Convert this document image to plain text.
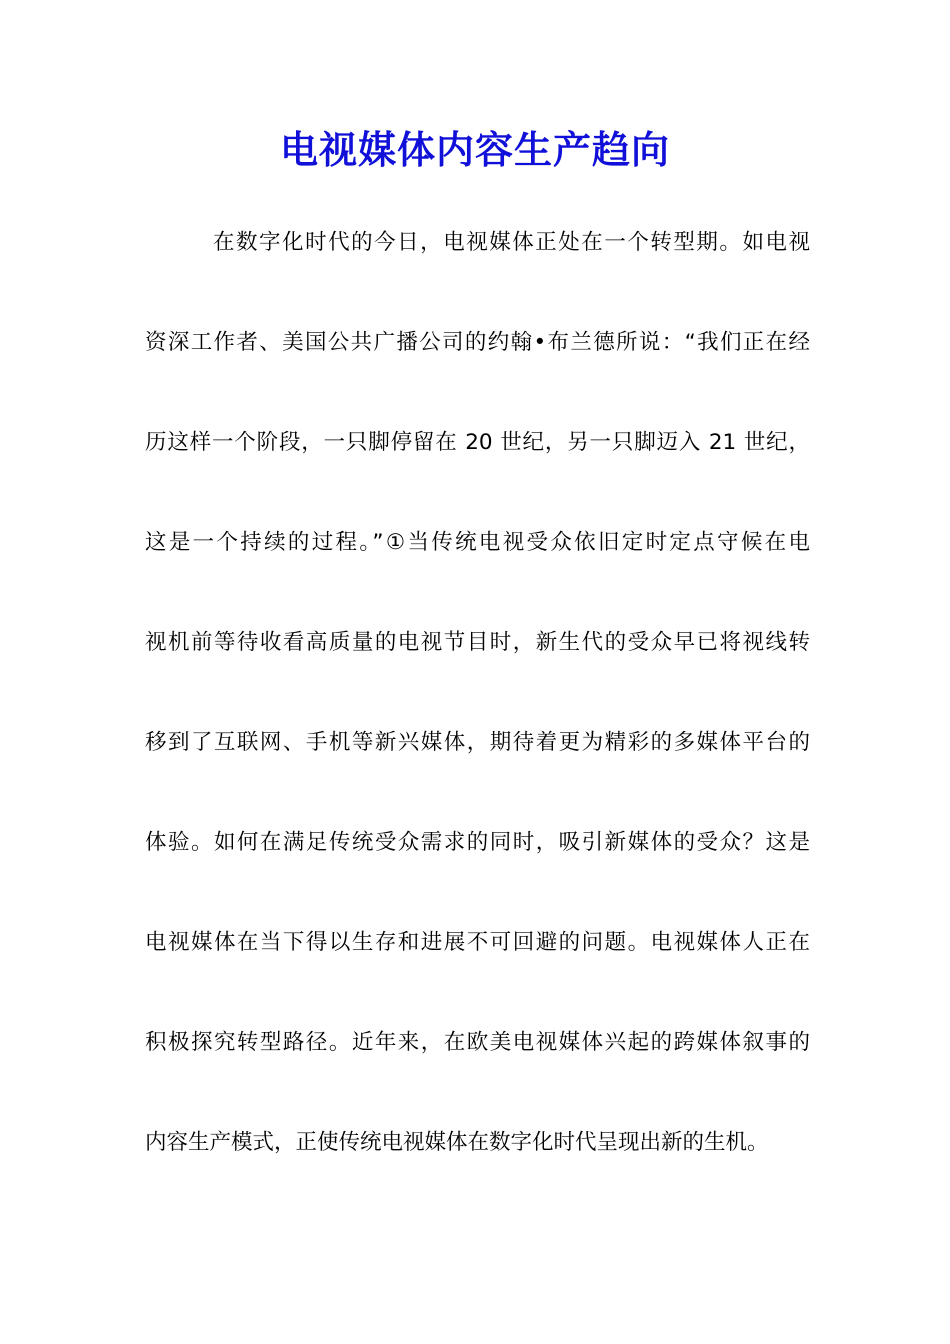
电视媒体内容生产趋向
在数字化时代的今日，电视媒体正处在一个转型期。如电视
资深工作者、美国公共广播公司的约翰•布兰德所说：“我们正在经
历这样一个阶段，一只脚停留在 20 世纪，另一只脚迈入 21 世纪，
这是一个持续的过程。”①当传统电视受众依旧定时定点守候在电
视机前等待收看高质量的电视节目时，新生代的受众早已将视线转
移到了互联网、手机等新兴媒体，期待着更为精彩的多媒体平台的
体验。如何在满足传统受众需求的同时，吸引新媒体的受众？这是
电视媒体在当下得以生存和进展不可回避的问题。电视媒体人正在
积极探究转型路径。近年来，在欧美电视媒体兴起的跨媒体叙事的
内容生产模式，正使传统电视媒体在数字化时代呈现出新的生机。
